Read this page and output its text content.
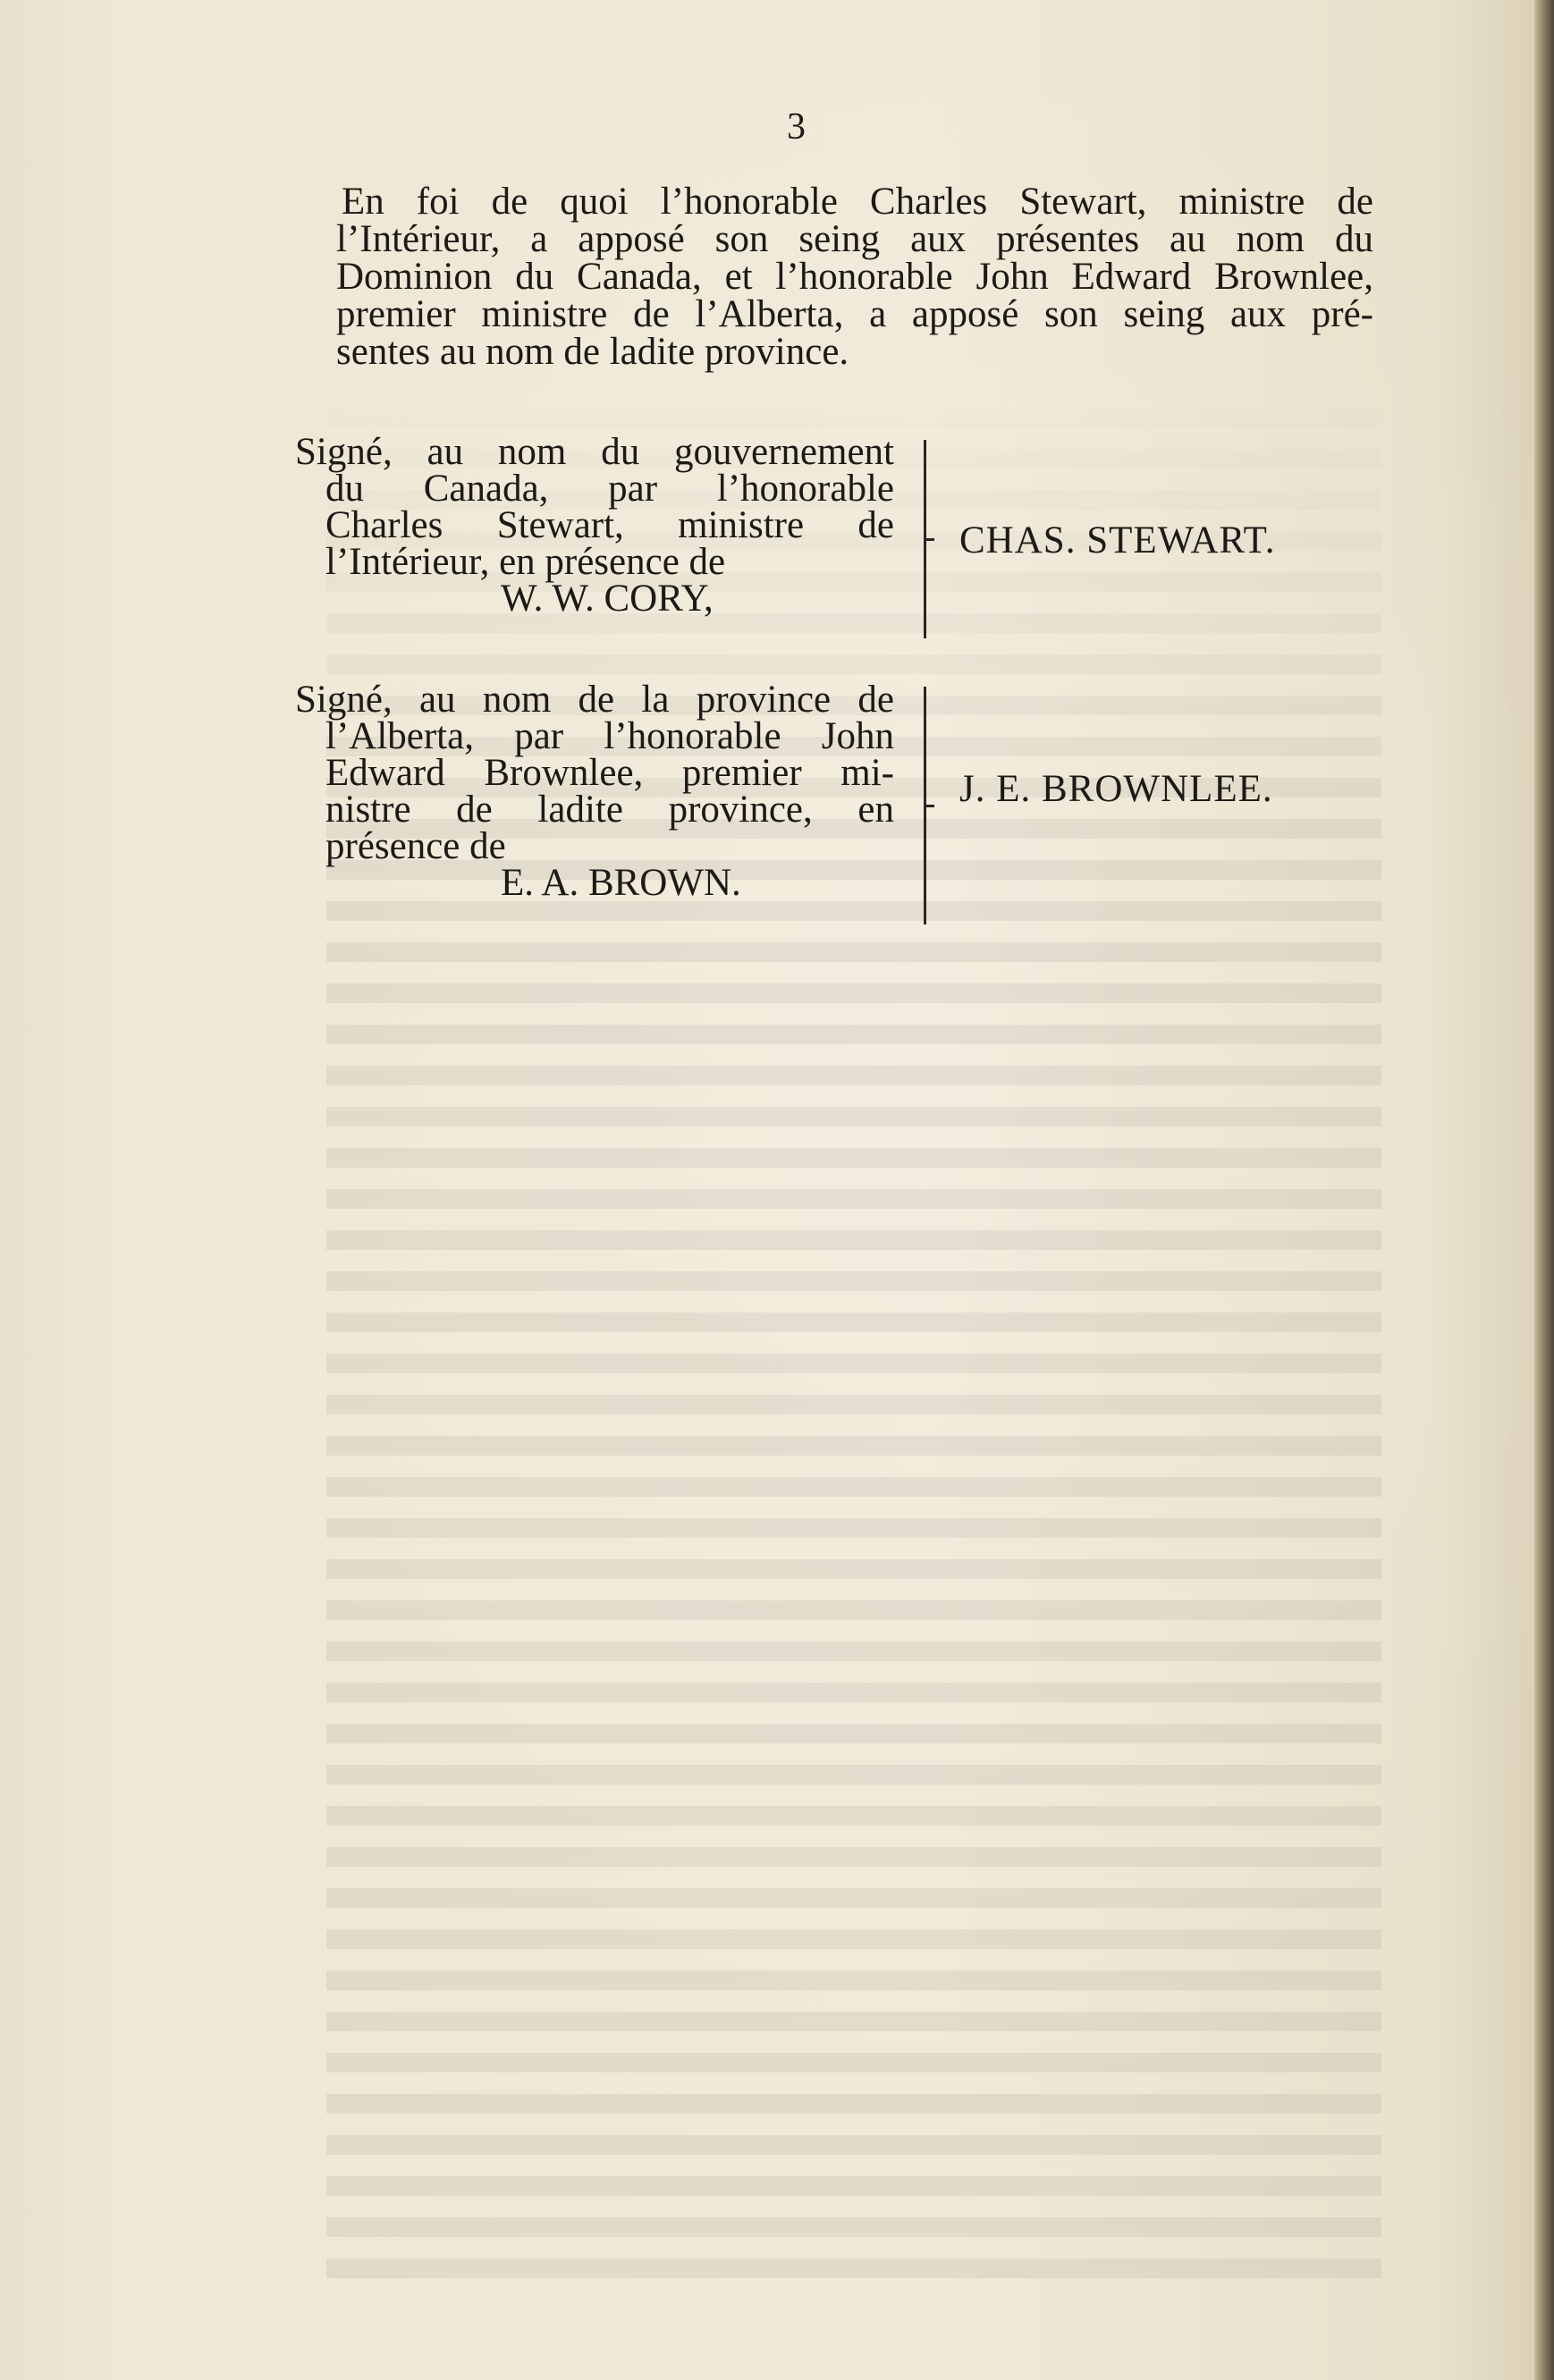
3
En foi de quoi l’honorable Charles Stewart, ministre de
l’Intérieur, a apposé son seing aux présentes au nom du
Dominion du Canada, et l’honorable John Edward Brownlee,
premier ministre de l’Alberta, a apposé son seing aux pré-
sentes au nom de ladite province.
Signé, au nom du gouvernement
du Canada, par l’honorable
Charles Stewart, ministre de
l’Intérieur, en présence de
W. W. CORY,
CHAS. STEWART.
Signé, au nom de la province de
l’Alberta, par l’honorable John
Edward Brownlee, premier mi-
nistre de ladite province, en
présence de
E. A. BROWN.
J. E. BROWNLEE.
